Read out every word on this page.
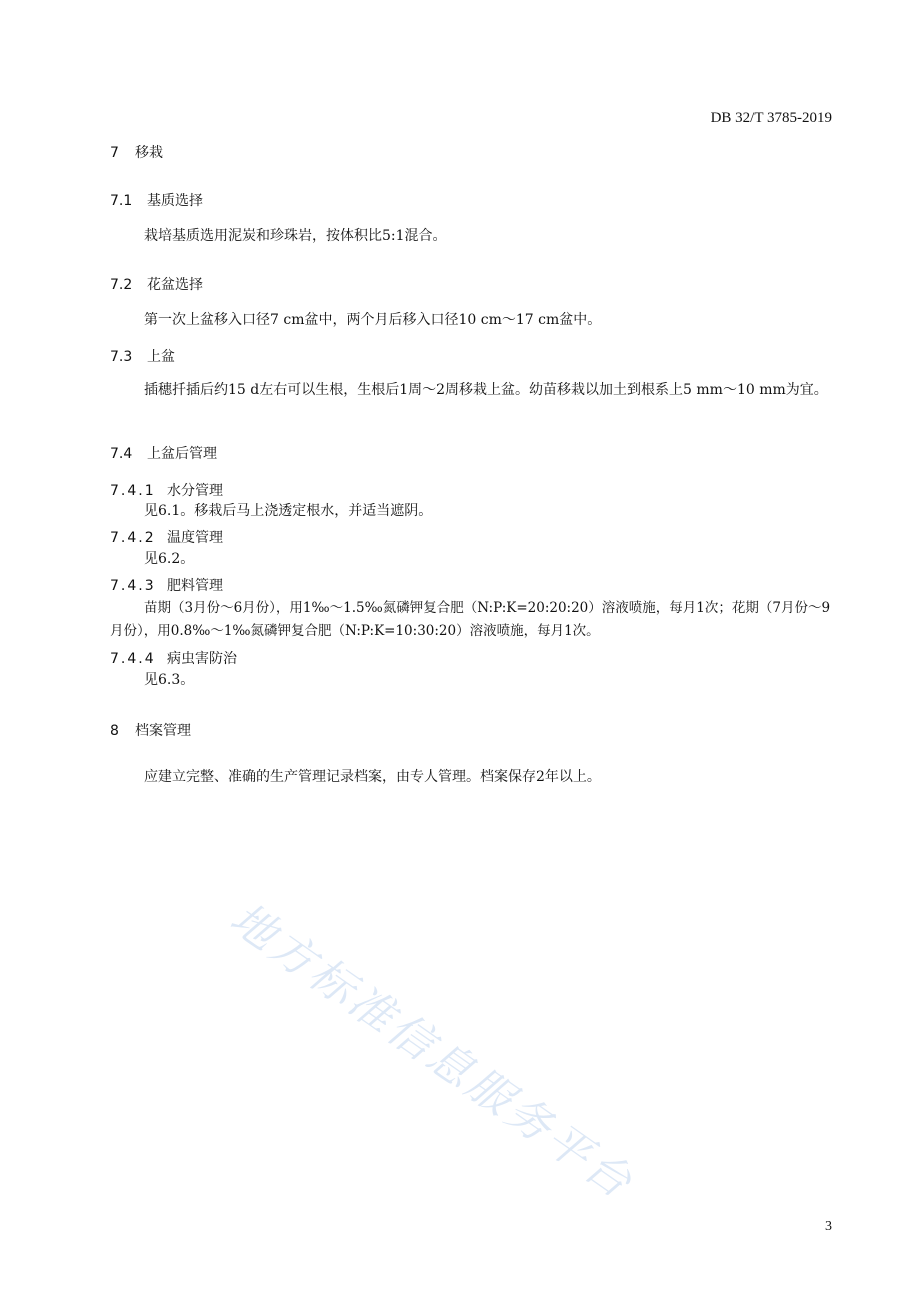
DB 32/T 3785-2019
7 移栽
7.1 基质选择
栽培基质选用泥炭和珍珠岩，按体积比5:1混合。
7.2 花盆选择
第一次上盆移入口径7 cm盆中，两个月后移入口径10 cm～17 cm盆中。
7.3 上盆
插穗扦插后约15 d左右可以生根，生根后1周～2周移栽上盆。幼苗移栽以加土到根系上5 mm～10 mm为宜。
7.4 上盆后管理
7.4.1 水分管理
见6.1。移栽后马上浇透定根水，并适当遮阴。
7.4.2 温度管理
见6.2。
7.4.3 肥料管理
苗期（3月份～6月份），用1‰～1.5‰氮磷钾复合肥（N:P:K=20:20:20）溶液喷施，每月1次；花期（7月份～9月份），用0.8‰～1‰氮磷钾复合肥（N:P:K=10:30:20）溶液喷施，每月1次。
7.4.4 病虫害防治
见6.3。
8 档案管理
应建立完整、准确的生产管理记录档案，由专人管理。档案保存2年以上。
地方标准信息服务平台
3
